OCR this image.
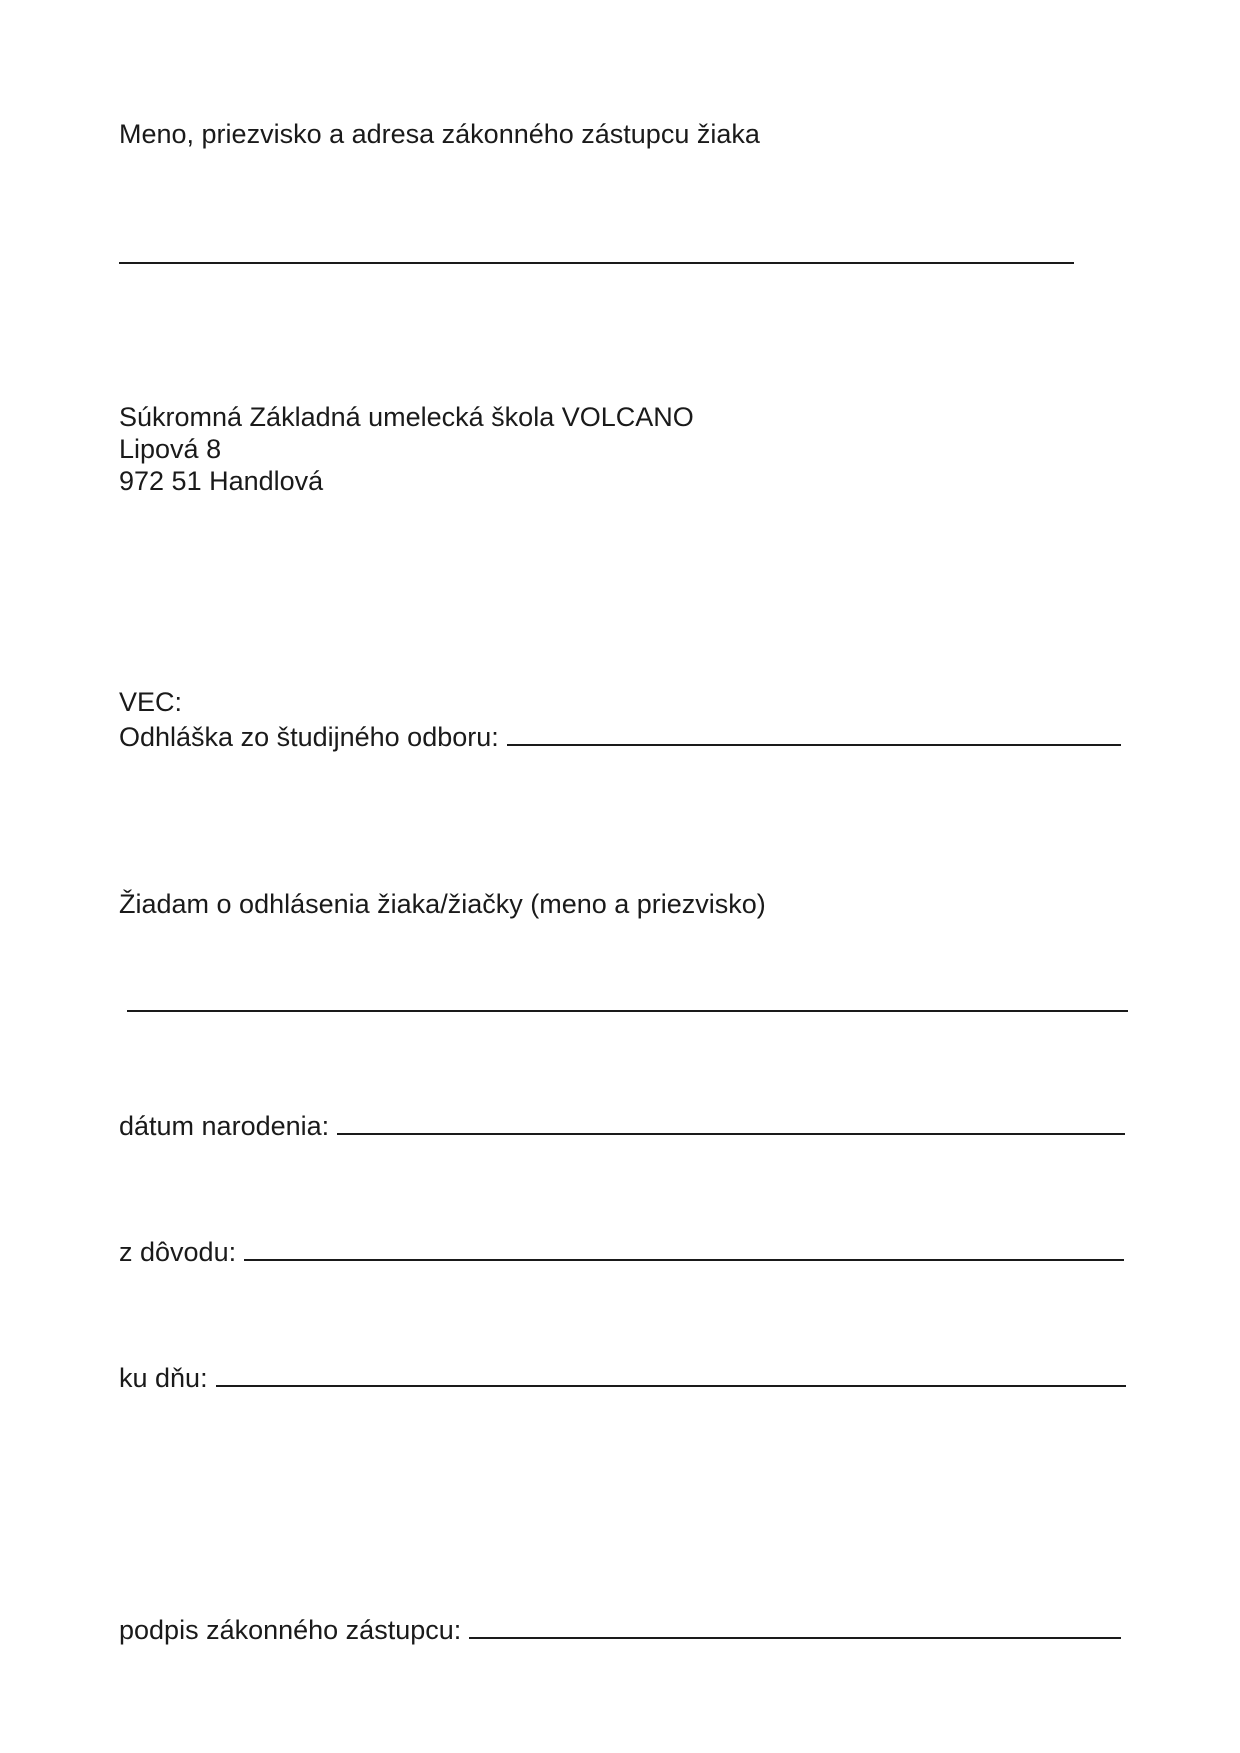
Meno, priezvisko a adresa zákonného zástupcu žiaka
Súkromná Základná umelecká škola VOLCANO
Lipová 8
972 51 Handlová
VEC:
Odhláška zo študijného odboru:
Žiadam o odhlásenia žiaka/žiačky (meno a priezvisko)
dátum narodenia:
z dôvodu:
ku dňu:
podpis zákonného zástupcu:
